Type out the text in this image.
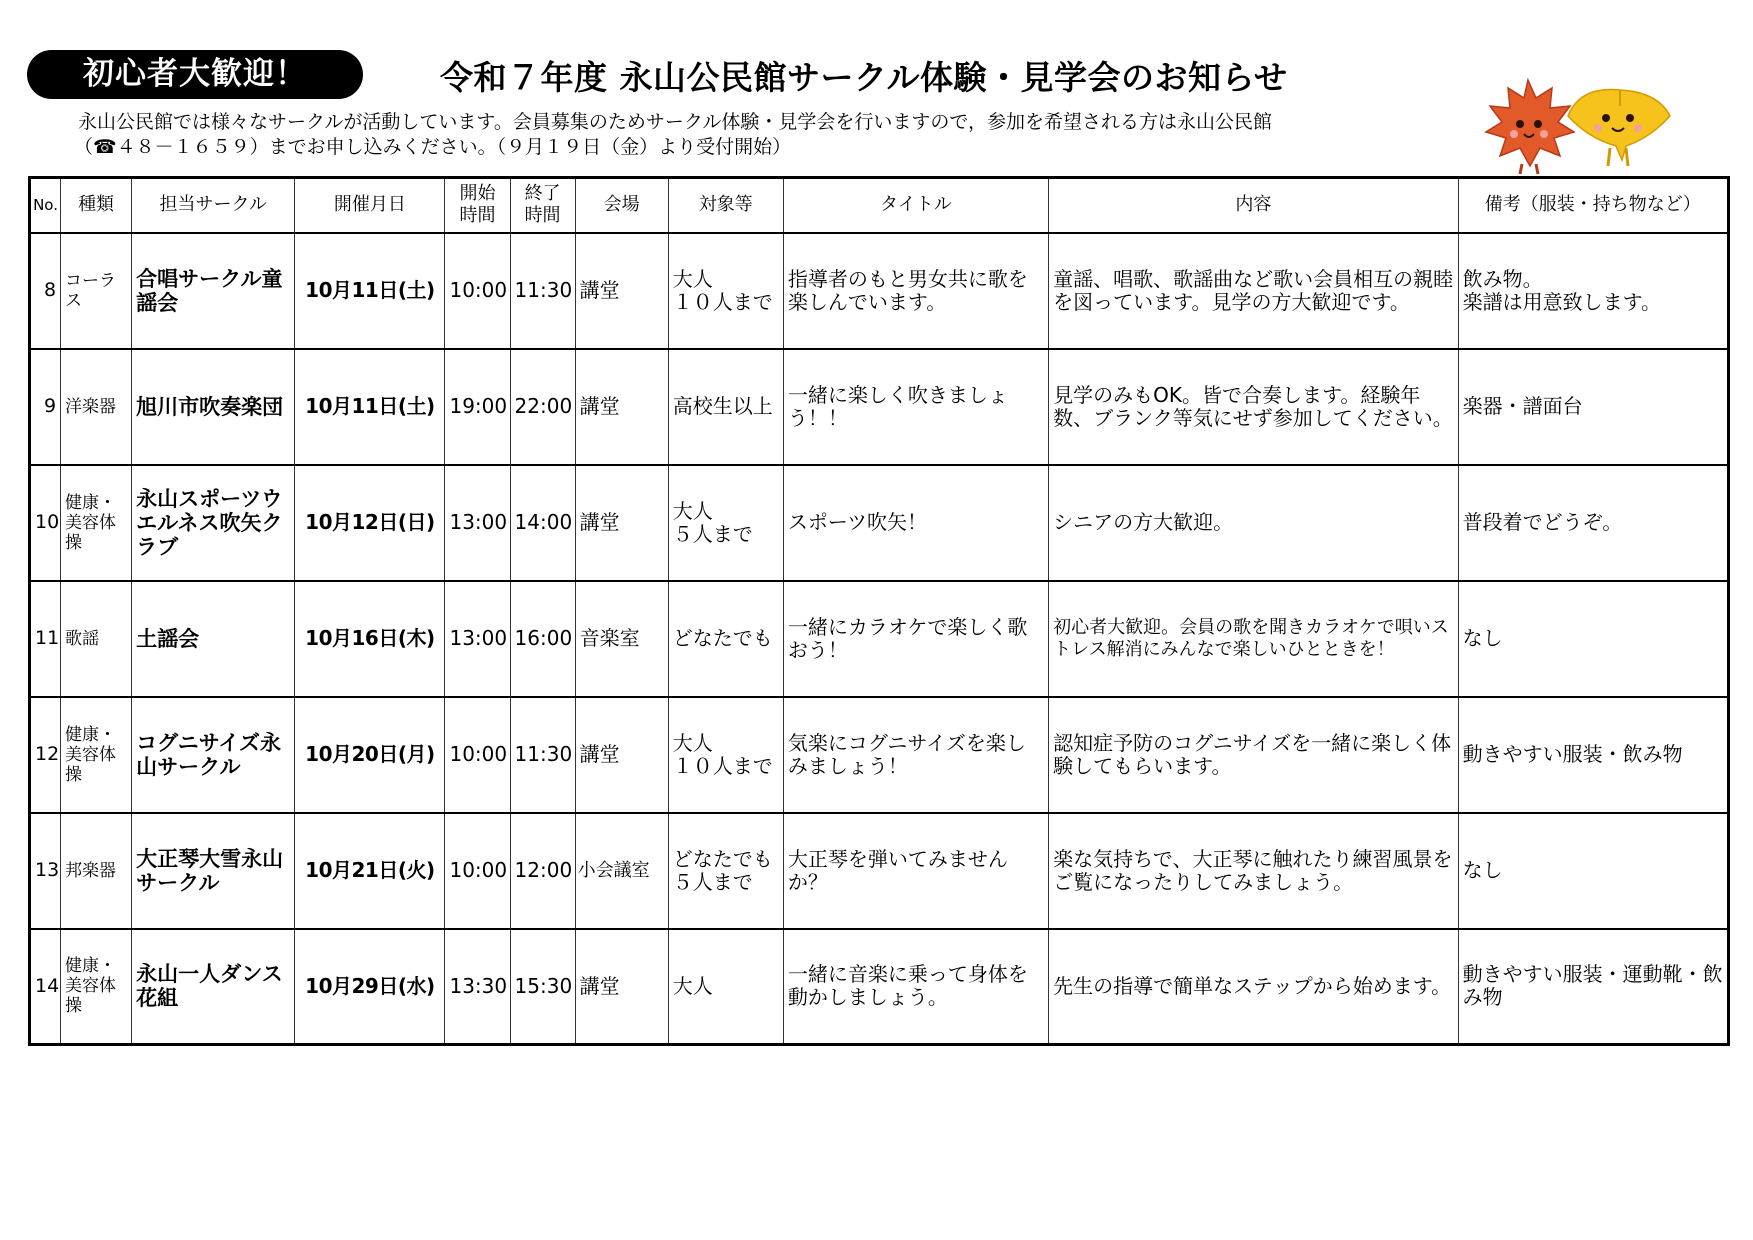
初心者大歓迎！	令和７年度 永山公民館サークル体験・見学会のお知らせ
永山公民館では様々なサークルが活動しています。会員募集のためサークル体験・見学会を行いますので，参加を希望される方は永山公民館
（☎４８－１６５９）までお申し込みください。（９月１９日（金）より受付開始）
No.	種類	担当サークル	開催月日	開始
時間	終了
時間	会場	対象等	タイトル	内容	備考（服装・持ち物など）
8	コーラス	合唱サークル童謡会	10月11日(土)	10:00	11:30	講堂	大人
１０人まで	指導者のもと男女共に歌を楽しんでいます。	童謡、唱歌、歌謡曲など歌い会員相互の親睦を図っています。見学の方大歓迎です。	飲み物。
楽譜は用意致します。
9	洋楽器	旭川市吹奏楽団	10月11日(土)	19:00	22:00	講堂	高校生以上	一緒に楽しく吹きましょう！！	見学のみもOK。皆で合奏します。経験年数、ブランク等気にせず参加してください。	楽器・譜面台
10	健康・美容体操	永山スポーツウエルネス吹矢クラブ	10月12日(日)	13:00	14:00	講堂	大人
５人まで	スポーツ吹矢！	シニアの方大歓迎。	普段着でどうぞ。
11	歌謡	土謡会	10月16日(木)	13:00	16:00	音楽室	どなたでも	一緒にカラオケで楽しく歌おう！	初心者大歓迎。会員の歌を聞きカラオケで唄いストレス解消にみんなで楽しいひとときを！	なし
12	健康・美容体操	コグニサイズ永山サークル	10月20日(月)	10:00	11:30	講堂	大人
１０人まで	気楽にコグニサイズを楽しみましょう！	認知症予防のコグニサイズを一緒に楽しく体験してもらいます。	動きやすい服装・飲み物
13	邦楽器	大正琴大雪永山サークル	10月21日(火)	10:00	12:00	小会議室	どなたでも
５人まで	大正琴を弾いてみませんか？	楽な気持ちで、大正琴に触れたり練習風景をご覧になったりしてみましょう。	なし
14	健康・美容体操	永山一人ダンス花組	10月29日(水)	13:30	15:30	講堂	大人	一緒に音楽に乗って身体を動かしましょう。	先生の指導で簡単なステップから始めます。	動きやすい服装・運動靴・飲み物
